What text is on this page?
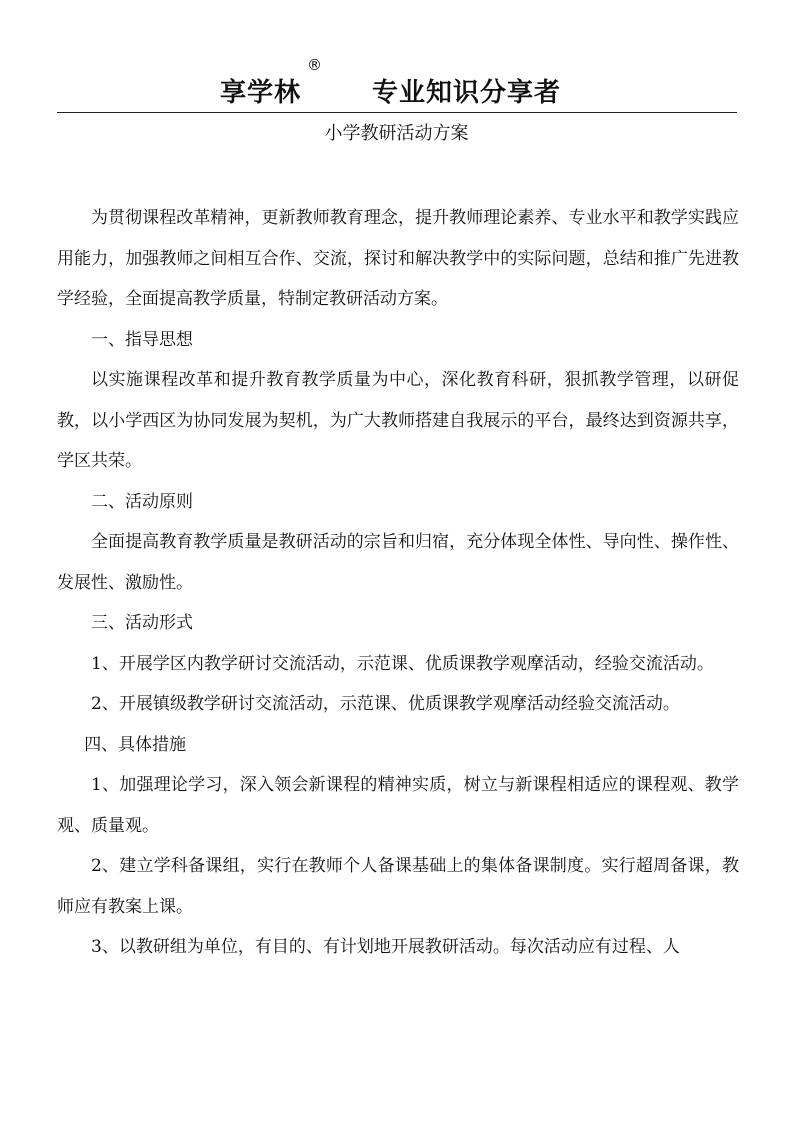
享学林
®
专业知识分享者
小学教研活动方案

为贯彻课程改革精神，更新教师教育理念，提升教师理论素养、专业水平和教学实践应用能力，加强教师之间相互合作、交流，探讨和解决教学中的实际问题，总结和推广先进教学经验，全面提高教学质量，特制定教研活动方案。

一、指导思想

以实施课程改革和提升教育教学质量为中心，深化教育科研，狠抓教学管理，以研促教，以小学西区为协同发展为契机，为广大教师搭建自我展示的平台，最终达到资源共享，学区共荣。

二、活动原则

全面提高教育教学质量是教研活动的宗旨和归宿，充分体现全体性、导向性、操作性、发展性、激励性。

三、活动形式

1、开展学区内教学研讨交流活动，示范课、优质课教学观摩活动，经验交流活动。

2、开展镇级教学研讨交流活动，示范课、优质课教学观摩活动经验交流活动。

四、具体措施

1、加强理论学习，深入领会新课程的精神实质，树立与新课程相适应的课程观、教学观、质量观。

2、建立学科备课组，实行在教师个人备课基础上的集体备课制度。实行超周备课，教师应有教案上课。

3、以教研组为单位，有目的、有计划地开展教研活动。每次活动应有过程、人
